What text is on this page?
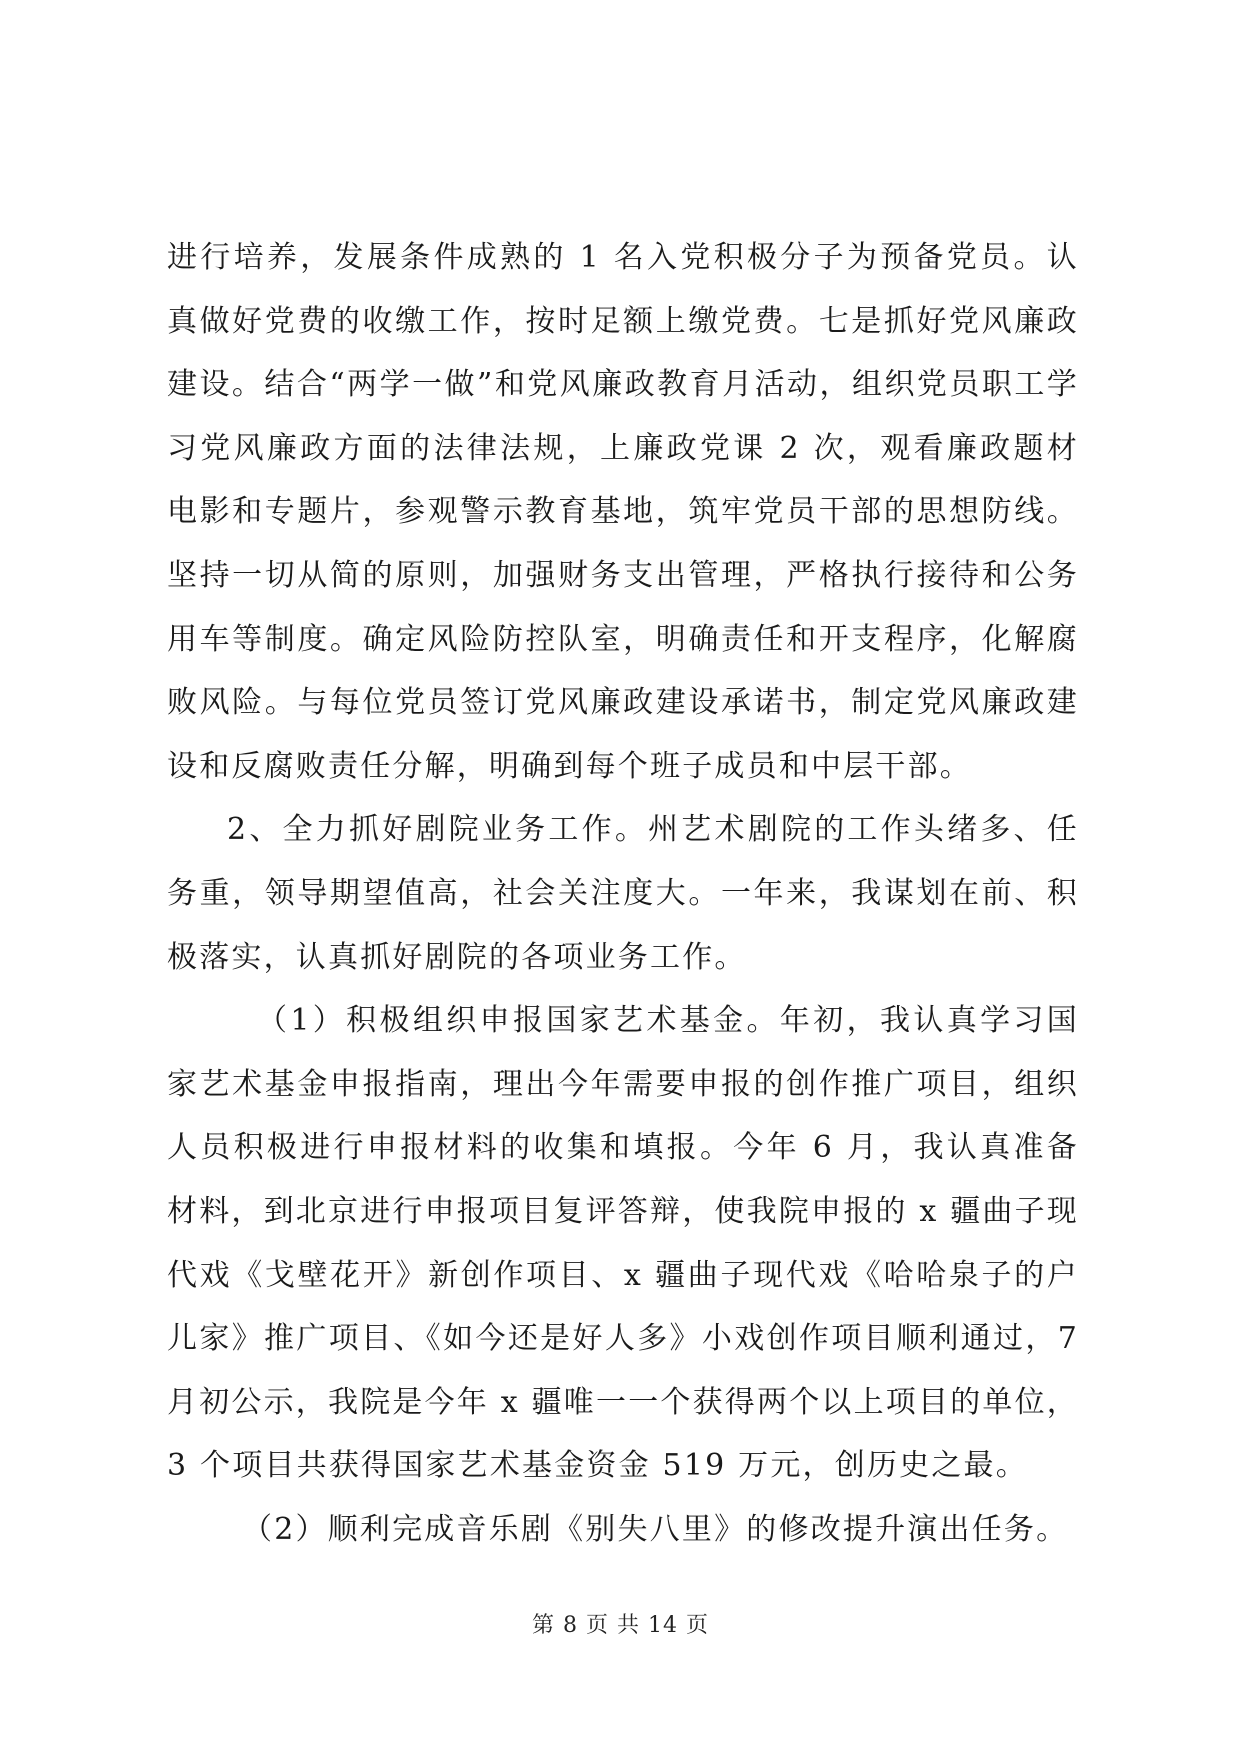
进行培养，发展条件成熟的 1 名入党积极分子为预备党员。认真做好党费的收缴工作，按时足额上缴党费。七是抓好党风廉政建设。结合“两学一做”和党风廉政教育月活动，组织党员职工学习党风廉政方面的法律法规，上廉政党课 2 次，观看廉政题材电影和专题片，参观警示教育基地，筑牢党员干部的思想防线。坚持一切从简的原则，加强财务支出管理，严格执行接待和公务用车等制度。确定风险防控队室，明确责任和开支程序，化解腐败风险。与每位党员签订党风廉政建设承诺书，制定党风廉政建设和反腐败责任分解，明确到每个班子成员和中层干部。

2、全力抓好剧院业务工作。州艺术剧院的工作头绪多、任务重，领导期望值高，社会关注度大。一年来，我谋划在前、积极落实，认真抓好剧院的各项业务工作。

（1）积极组织申报国家艺术基金。年初，我认真学习国家艺术基金申报指南，理出今年需要申报的创作推广项目，组织人员积极进行申报材料的收集和填报。今年 6 月，我认真准备材料，到北京进行申报项目复评答辩，使我院申报的 x 疆曲子现代戏《戈壁花开》新创作项目、x 疆曲子现代戏《哈哈泉子的户儿家》推广项目、《如今还是好人多》小戏创作项目顺利通过，7 月初公示，我院是今年 x 疆唯一一个获得两个以上项目的单位，3 个项目共获得国家艺术基金资金 519 万元，创历史之最。

（2）顺利完成音乐剧《别失八里》的修改提升演出任务。

第 8 页 共 14 页
